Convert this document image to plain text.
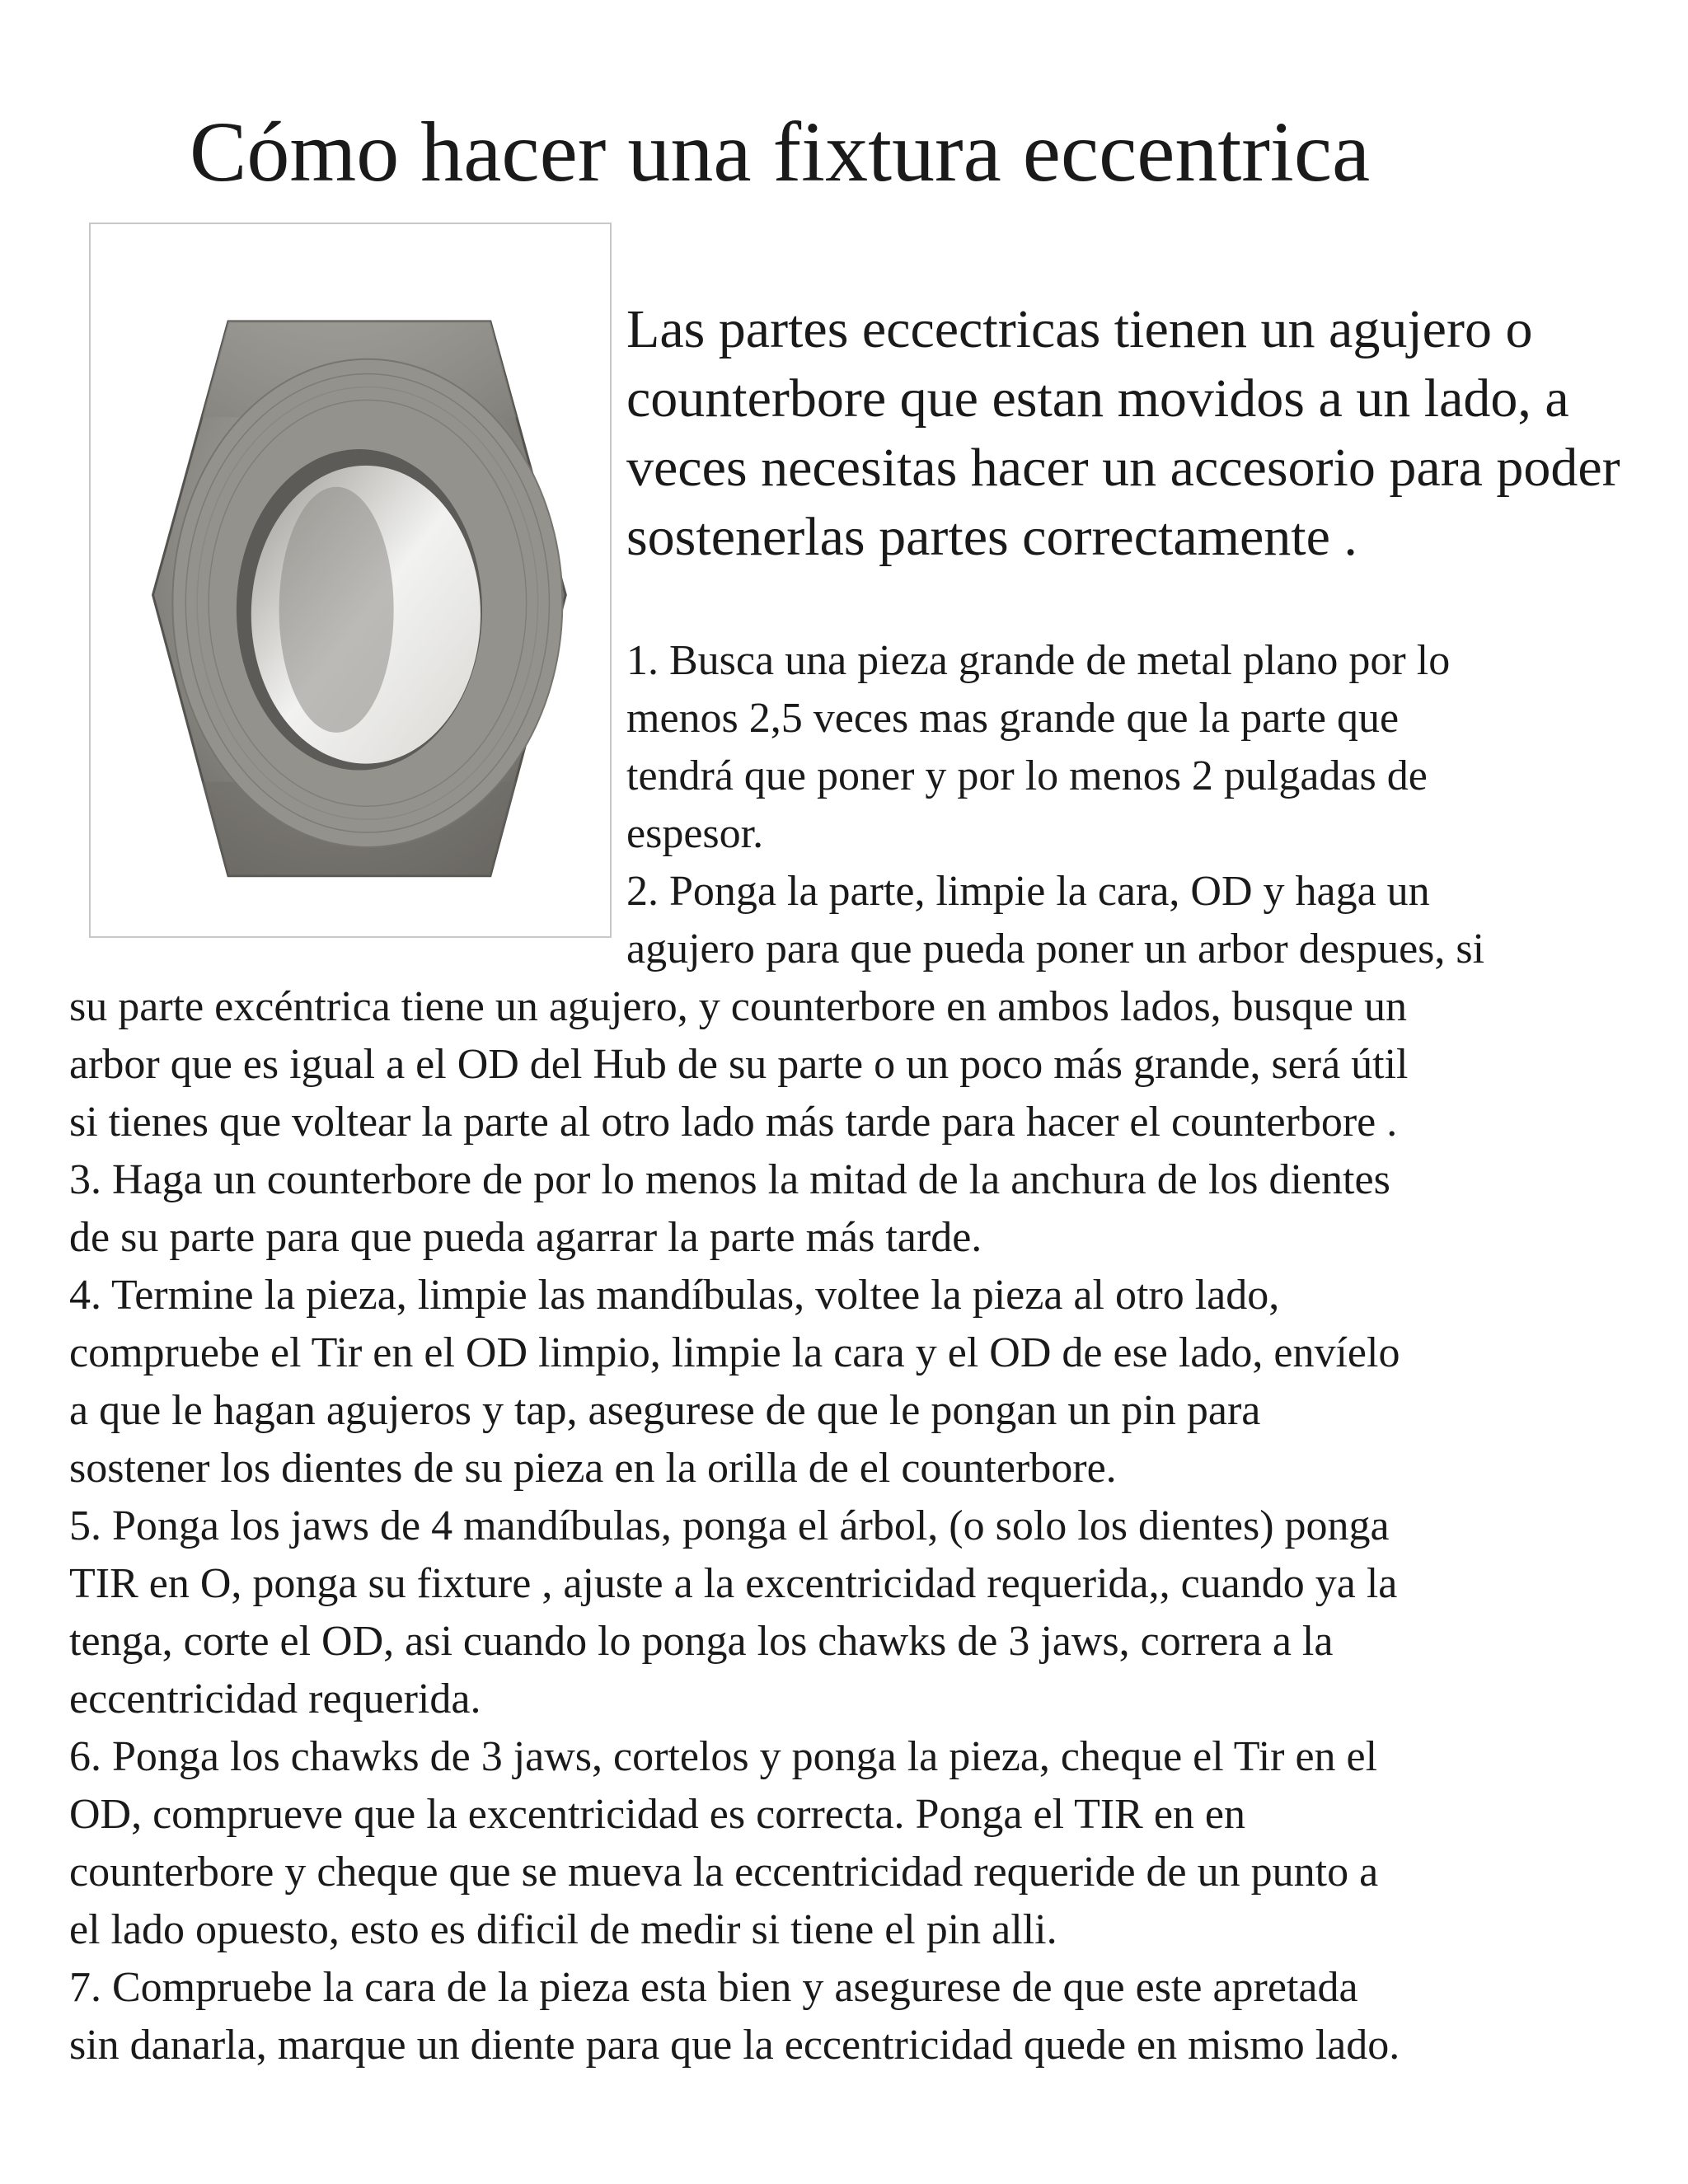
Cómo hacer una fixtura eccentrica

Las partes eccectricas tienen un agujero o counterbore que estan movidos a un lado, a veces necesitas hacer un accesorio para poder sostenerlas partes correctamente .

1. Busca una pieza grande de metal plano por lo
menos 2,5 veces mas grande que la parte que
tendrá que poner y por lo menos 2 pulgadas de
espesor.
2. Ponga la parte, limpie la cara, OD y haga un
agujero para que pueda poner un arbor despues, si
su parte excéntrica tiene un agujero, y counterbore en ambos lados, busque un
arbor que es igual a el OD del Hub de su parte o un poco más grande, será útil
si tienes que voltear la parte al otro lado más tarde para hacer el counterbore .
3. Haga un counterbore de por lo menos la mitad de la anchura de los dientes
de su parte para que pueda agarrar la parte más tarde.
4. Termine la pieza, limpie las mandíbulas, voltee la pieza al otro lado,
compruebe el Tir en el OD limpio, limpie la cara y el OD de ese lado, envíelo
a que le hagan agujeros y tap, asegurese de que le pongan un pin para
sostener los dientes de su pieza en la orilla de el counterbore.
5. Ponga los jaws de 4 mandíbulas, ponga el árbol, (o solo los dientes) ponga
TIR en O, ponga su fixture , ajuste a la excentricidad requerida,, cuando ya la
tenga, corte el OD, asi cuando lo ponga los chawks de 3 jaws, correra a la
eccentricidad requerida.
6. Ponga los chawks de 3 jaws, cortelos y ponga la pieza, cheque el Tir en el
OD, comprueve que la excentricidad es correcta. Ponga el TIR en en
counterbore y cheque que se mueva la eccentricidad requeride de un punto a
el lado opuesto, esto es dificil de medir si tiene el pin alli.
7. Compruebe la cara de la pieza esta bien y asegurese de que este apretada
sin danarla, marque un diente para que la eccentricidad quede en mismo lado.
